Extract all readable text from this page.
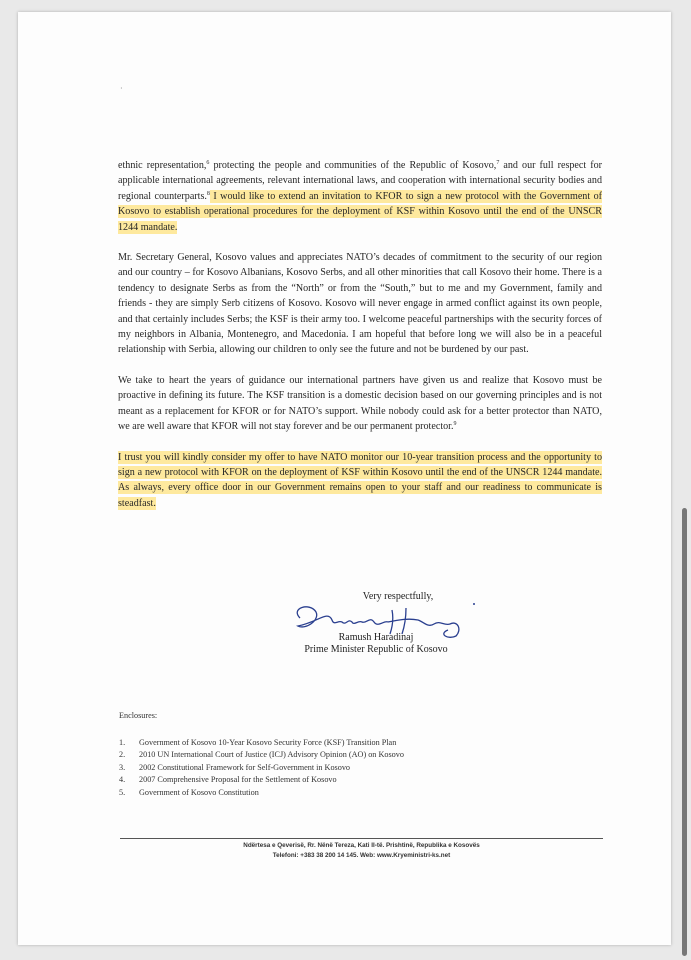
·

ethnic representation,$^6$ protecting the people and communities of the Republic of Kosovo,$^7$ and our full respect for applicable international agreements, relevant international laws, and cooperation with international security bodies and regional counterparts.$^8$ I would like to extend an invitation to KFOR to sign a new protocol with the Government of Kosovo to establish operational procedures for the deployment of KSF within Kosovo until the end of the UNSCR 1244 mandate.

Mr. Secretary General, Kosovo values and appreciates NATO’s decades of commitment to the security of our region and our country – for Kosovo Albanians, Kosovo Serbs, and all other minorities that call Kosovo their home. There is a tendency to designate Serbs as from the “North” or from the “South,” but to me and my Government, family and friends - they are simply Serb citizens of Kosovo. Kosovo will never engage in armed conflict against its own people, and that certainly includes Serbs; the KSF is their army too. I welcome peaceful partnerships with the security forces of my neighbors in Albania, Montenegro, and Macedonia. I am hopeful that before long we will also be in a peaceful relationship with Serbia, allowing our children to only see the future and not be burdened by our past.

We take to heart the years of guidance our international partners have given us and realize that Kosovo must be proactive in defining its future. The KSF transition is a domestic decision based on our governing principles and is not meant as a replacement for KFOR or for NATO’s support. While nobody could ask for a better protector than NATO, we are well aware that KFOR will not stay forever and be our permanent protector.$^9$

I trust you will kindly consider my offer to have NATO monitor our 10-year transition process and the opportunity to sign a new protocol with KFOR on the deployment of KSF within Kosovo until the end of the UNSCR 1244 mandate. As always, every office door in our Government remains open to your staff and our readiness to communicate is steadfast.

Very respectfully,
Ramush Haradinaj
Prime Minister Republic of Kosovo
Enclosures:
1.	Government of Kosovo 10-Year Kosovo Security Force (KSF) Transition Plan
2.	2010 UN International Court of Justice (ICJ) Advisory Opinion (AO) on Kosovo
3.	2002 Constitutional Framework for Self-Government in Kosovo
4.	2007 Comprehensive Proposal for the Settlement of Kosovo
5.	Government of Kosovo Constitution
Ndërtesa e Qeverisë, Rr. Nënë Tereza, Kati II-të. Prishtinë, Republika e Kosovës
Telefoni: +383 38 200 14 145. Web: www.Kryeministri-ks.net
